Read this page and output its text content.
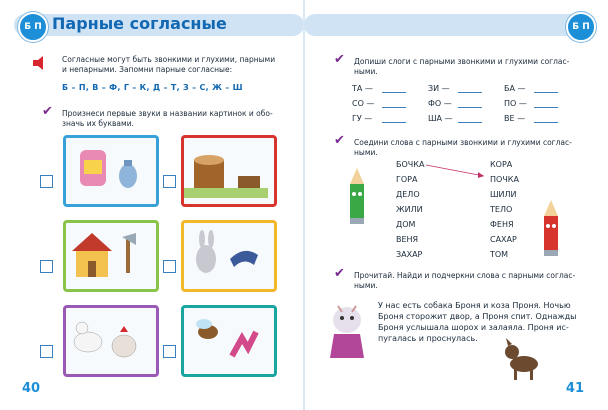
Б П Парные согласные
Согласные могут быть звонкими и глухими, парными
и непарными. Запомни парные согласные:
Б – П, В – Ф, Г – К, Д – Т, З – С, Ж – Ш
✔ Произнеси первые звуки в названии картинок и обо-
значь их буквами.
40
Б П
✔ Допиши слоги с парными звонкими и глухими соглас-
ными.
ТА —	ЗИ —	БА —
СО —	ФО —	ПО —
ГУ —	ША —	ВЕ —
✔ Соедини слова с парными звонкими и глухими соглас-
ными.
БОЧКА
ГОРА
ДЕЛО
ЖИЛИ
ДОМ
ВЕНЯ
ЗАХАР
КОРА
ПОЧКА
ШИЛИ
ТЕЛО
ФЕНЯ
САХАР
ТОМ
✔ Прочитай. Найди и подчеркни слова с парными соглас-
ными.
У нас есть собака Броня и коза Проня. Ночью
Броня сторожит двор, а Проня спит. Однажды
Броня услышала шорох и залаяла. Проня ис-
пугалась и проснулась.
41
